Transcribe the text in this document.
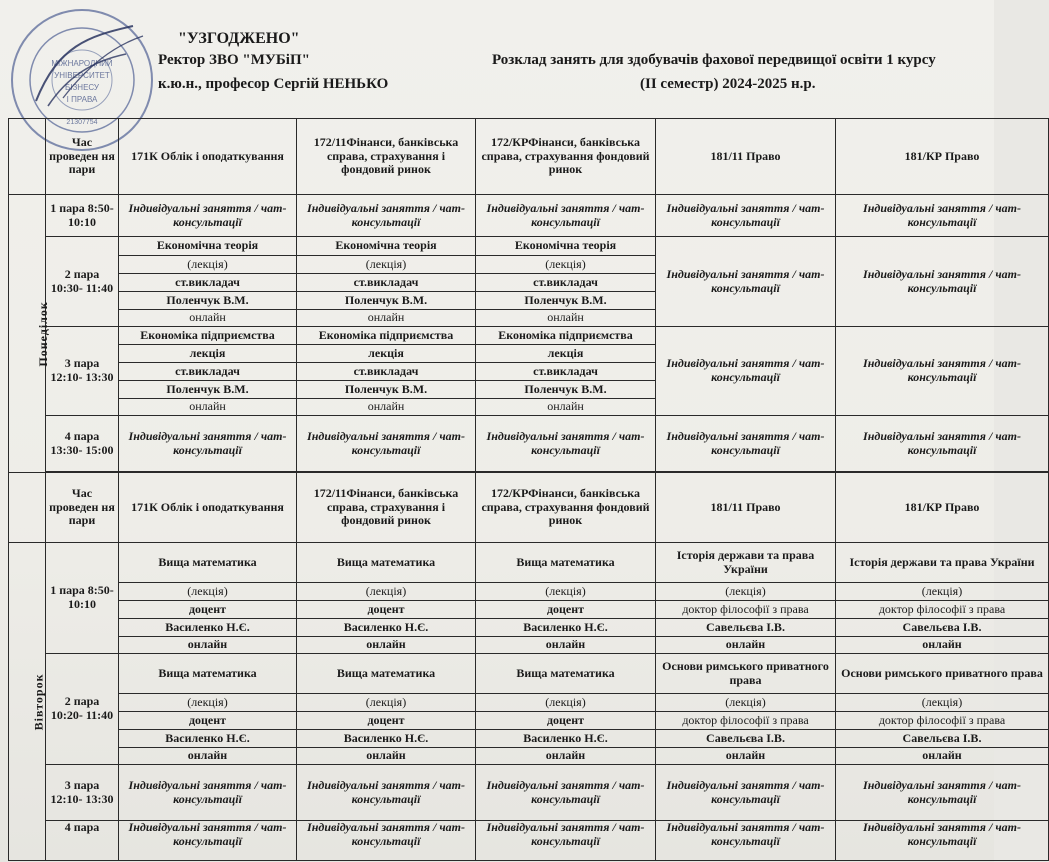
МІЖНАРОДНИЙ
УНІВЕРСИТЕТ
БІЗНЕСУ
І ПРАВА
21307754
"УЗГОДЖЕНО"
Ректор ЗВО "МУБіП"
к.ю.н., професор Сергій НЕНЬКО
Розклад занять для здобувачів фахової передвищої освіти 1 курсу
(ІІ семестр) 2024-2025 н.р.
	Час проведен ня пари	171К Облік і оподаткування	172/11Фінанси, банківська справа, страхування і фондовий ринок	172/КРФінанси, банківська справа, страхування фондовий ринок	181/11 Право	181/КР Право
Понеділок	1 пара 8:50-10:10	Індивідуальні заняття / чат-консультації	Індивідуальні заняття / чат-консультації	Індивідуальні заняття / чат-консультації	Індивідуальні заняття / чат-консультації	Індивідуальні заняття / чат-консультації
	2 пара 10:30- 11:40	Економічна теорія	Економічна теорія	Економічна теорія	Індивідуальні заняття / чат-консультації	Індивідуальні заняття / чат-консультації
		(лекція)	(лекція)	(лекція)		
		ст.викладач	ст.викладач	ст.викладач		
		Поленчук В.М.	Поленчук В.М.	Поленчук В.М.		
		онлайн	онлайн	онлайн		
	3 пара 12:10- 13:30	Економіка підприємства	Економіка підприємства	Економіка підприємства	Індивідуальні заняття / чат-консультації	Індивідуальні заняття / чат-консультації
		лекція	лекція	лекція		
		ст.викладач	ст.викладач	ст.викладач		
		Поленчук В.М.	Поленчук В.М.	Поленчук В.М.		
		онлайн	онлайн	онлайн		
	4 пара 13:30- 15:00	Індивідуальні заняття / чат-консультації	Індивідуальні заняття / чат-консультації	Індивідуальні заняття / чат-консультації	Індивідуальні заняття / чат-консультації	Індивідуальні заняття / чат-консультації

	Час проведен ня пари	171К Облік і оподаткування	172/11Фінанси, банківська справа, страхування і фондовий ринок	172/КРФінанси, банківська справа, страхування фондовий ринок	181/11 Право	181/КР Право
Вівторок	1 пара 8:50-10:10	Вища математика	Вища математика	Вища математика	Історія держави та права України	Історія держави та права України
		(лекція)	(лекція)	(лекція)	(лекція)	(лекція)
		доцент	доцент	доцент	доктор філософії з права	доктор філософії з права
		Василенко Н.Є.	Василенко Н.Є.	Василенко Н.Є.	Савельєва І.В.	Савельєва І.В.
		онлайн	онлайн	онлайн	онлайн	онлайн
	2 пара 10:20- 11:40	Вища математика	Вища математика	Вища математика	Основи римського приватного права	Основи римського приватного права
		(лекція)	(лекція)	(лекція)	(лекція)	(лекція)
		доцент	доцент	доцент	доктор філософії з права	доктор філософії з права
		Василенко Н.Є.	Василенко Н.Є.	Василенко Н.Є.	Савельєва І.В.	Савельєва І.В.
		онлайн	онлайн	онлайн	онлайн	онлайн
	3 пара 12:10- 13:30	Індивідуальні заняття / чат-консультації	Індивідуальні заняття / чат-консультації	Індивідуальні заняття / чат-консультації	Індивідуальні заняття / чат-консультації	Індивідуальні заняття / чат-консультації
	4 пара	Індивідуальні заняття / чат-консультації	Індивідуальні заняття / чат-консультації	Індивідуальні заняття / чат-консультації	Індивідуальні заняття / чат-консультації	Індивідуальні заняття / чат-консультації
